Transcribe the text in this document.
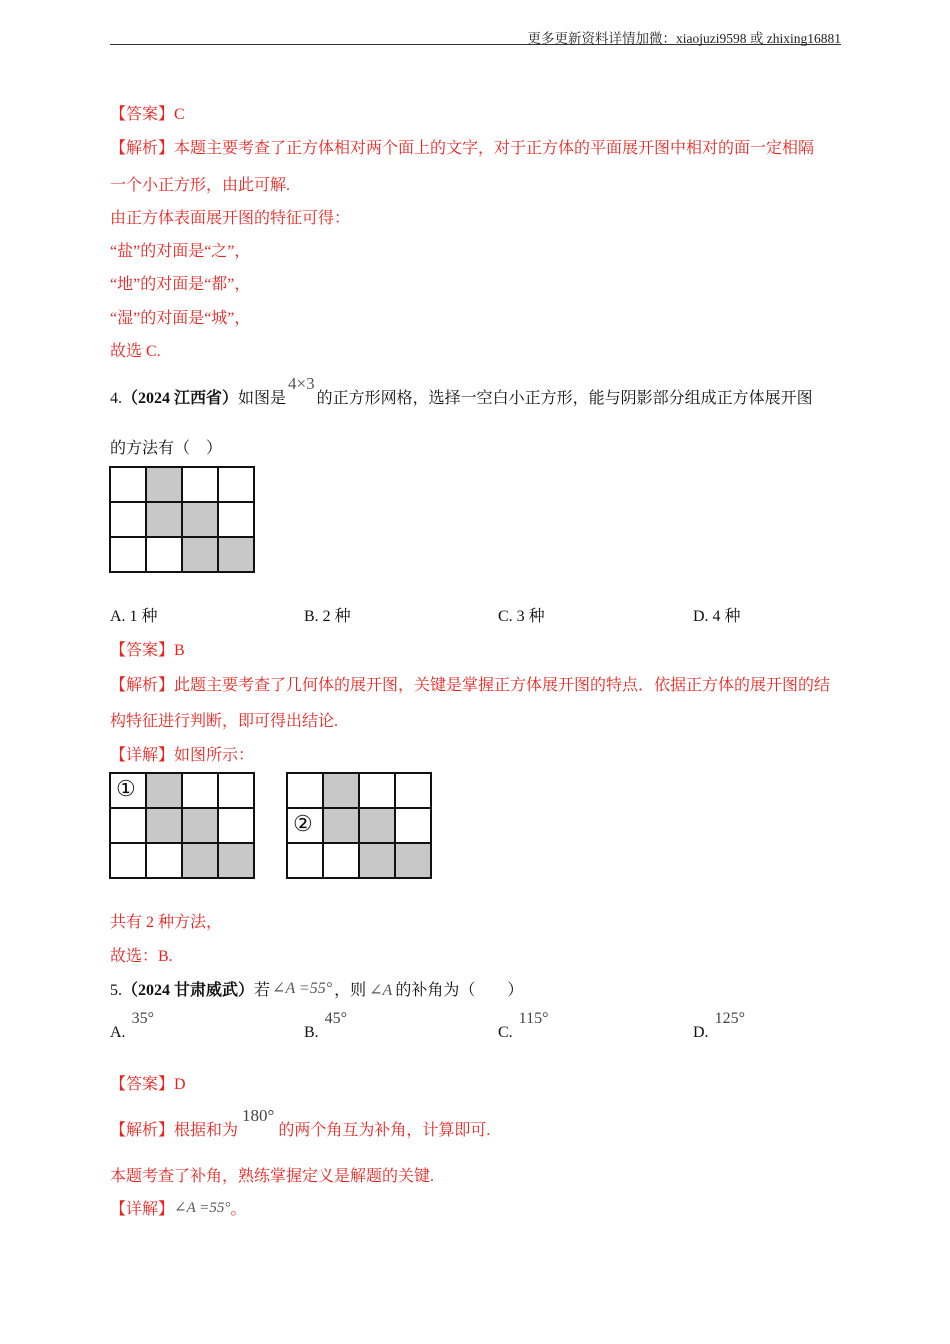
更多更新资料详情加微：xiaojuzi9598 或 zhixing16881
【答案】C
【解析】本题主要考查了正方体相对两个面上的文字，对于正方体的平面展开图中相对的面一定相隔
一个小正方形，由此可解.
由正方体表面展开图的特征可得：
“盐”的对面是“之”，
“地”的对面是“都”，
“湿”的对面是“城”，
故选 C.
4.（2024 江西省）如图是4×3的正方形网格，选择一空白小正方形，能与阴影部分组成正方体展开图
的方法有（　）

A. 1 种	B. 2 种	C. 3 种	D. 4 种
【答案】B
【解析】此题主要考查了几何体的展开图，关键是掌握正方体展开图的特点．依据正方体的展开图的结
构特征进行判断，即可得出结论.
【详解】如图所示：
①			

②			

共有 2 种方法，
故选：B.
5.（2024 甘肃威武）若 ∠A =55° ，则 ∠A 的补角为（　　）
A.35°
B.45°
C.115°
D.125°
【答案】D
【解析】根据和为180°的两个角互为补角，计算即可.
本题考查了补角，熟练掌握定义是解题的关键.
【详解】∠A =55°。
